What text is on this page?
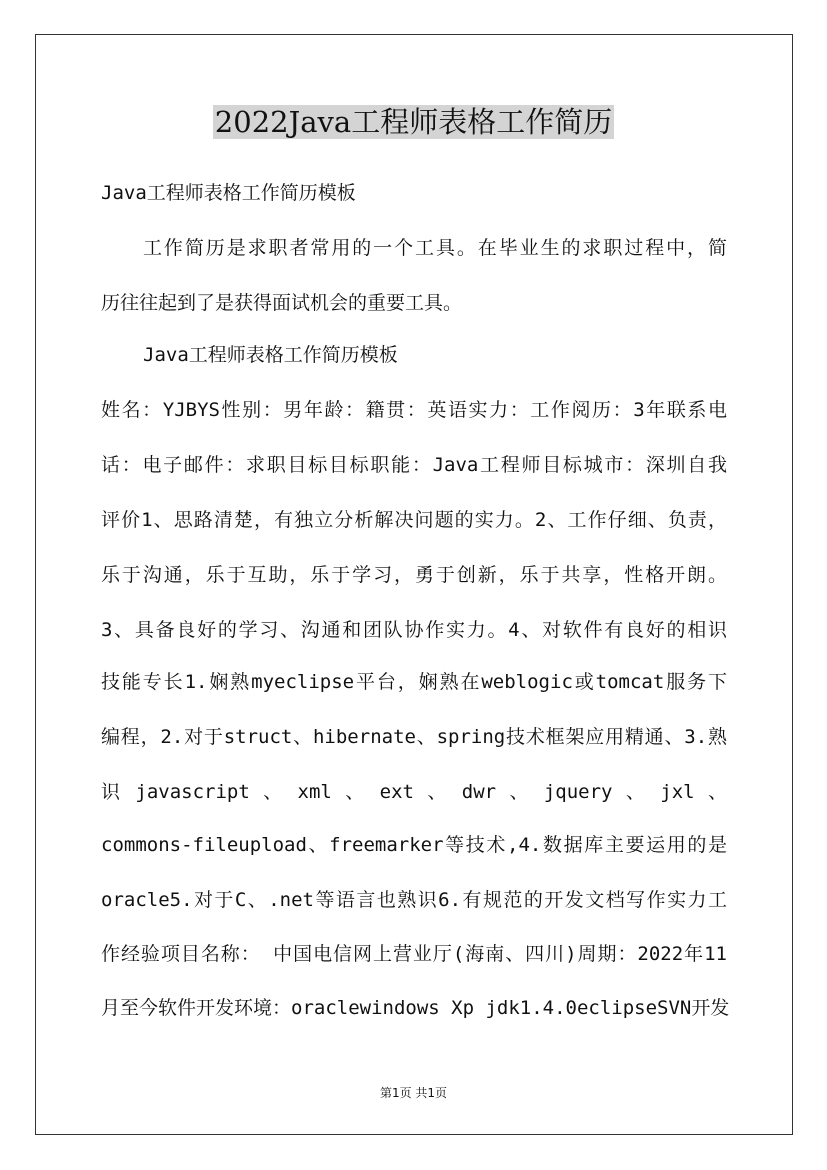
2022Java工程师表格工作简历
Java工程师表格工作简历模板
工作简历是求职者常用的一个工具。在毕业生的求职过程中，简
历往往起到了是获得面试机会的重要工具。
Java工程师表格工作简历模板
姓名：YJBYS性别：男年龄：籍贯：英语实力：工作阅历：3年联系电
话：电子邮件：求职目标目标职能：Java工程师目标城市：深圳自我
评价1、思路清楚，有独立分析解决问题的实力。2、工作仔细、负责，
乐于沟通，乐于互助，乐于学习，勇于创新，乐于共享，性格开朗。
3、具备良好的学习、沟通和团队协作实力。4、对软件有良好的相识
技能专长1.娴熟myeclipse平台，娴熟在weblogic或tomcat服务下
编程，2.对于struct、hibernate、spring技术框架应用精通、3.熟
识 javascript 、 xml 、 ext 、 dwr 、 jquery 、 jxl 、
commons-fileupload、freemarker等技术,4.数据库主要运用的是
oracle5.对于C、.net等语言也熟识6.有规范的开发文档写作实力工
作经验项目名称： 中国电信网上营业厅(海南、四川)周期：2022年11
月至今软件开发环境：oraclewindows Xp jdk1.4.0eclipseSVN开发
第1页 共1页
